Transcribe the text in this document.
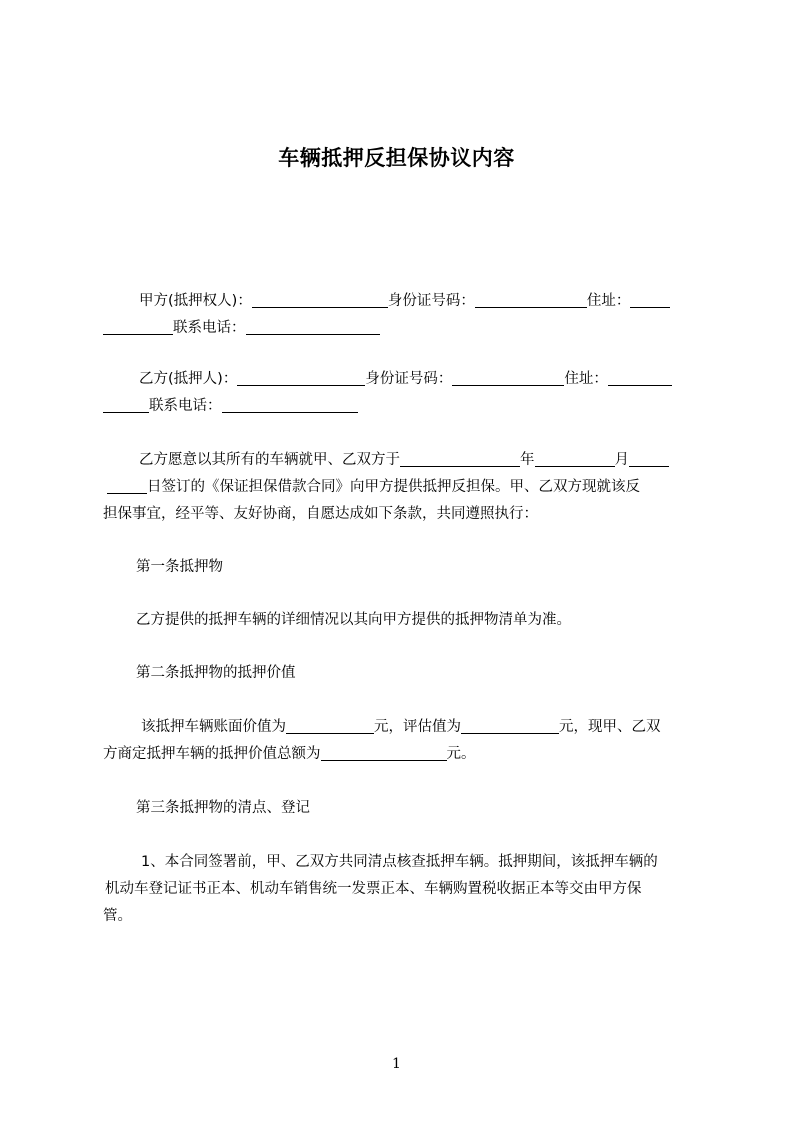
车辆抵押反担保协议内容
甲方(抵押权人)：	身份证号码：	住址：
联系电话：
乙方(抵押人)：	身份证号码：	住址：
联系电话：
乙方愿意以其所有的车辆就甲、乙双方于	年	月
日签订的《保证担保借款合同》向甲方提供抵押反担保。甲、乙双方现就该反
担保事宜，经平等、友好协商，自愿达成如下条款，共同遵照执行：
第一条抵押物
乙方提供的抵押车辆的详细情况以其向甲方提供的抵押物清单为准。
第二条抵押物的抵押价值
该抵押车辆账面价值为	元，评估值为	元，现甲、乙双
方商定抵押车辆的抵押价值总额为	元。
第三条抵押物的清点、登记
1、本合同签署前，甲、乙双方共同清点核查抵押车辆。抵押期间，该抵押车辆的
机动车登记证书正本、机动车销售统一发票正本、车辆购置税收据正本等交由甲方保
管。
1
